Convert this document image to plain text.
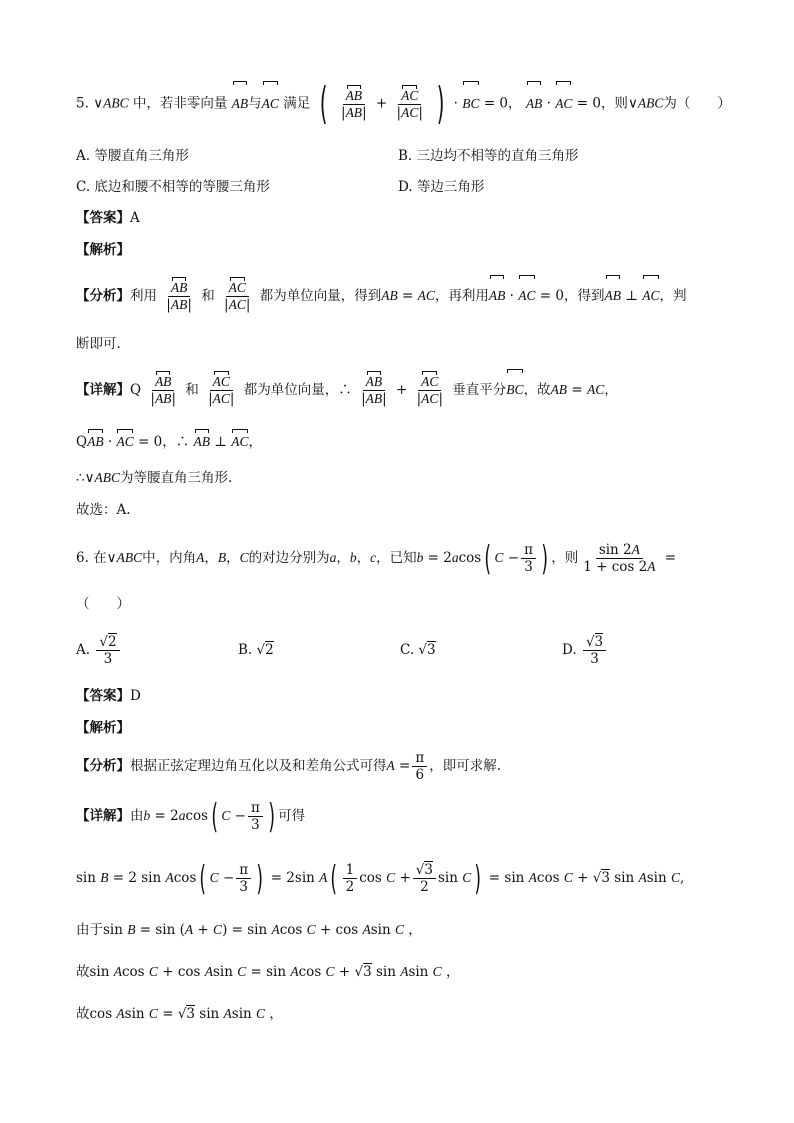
5. ∨ABC 中，若非零向量 AB与AC 满足 ( $\frac{AB}{|AB|} + \frac{AC}{|AC|}$ ) · BC = 0， AB · AC = 0，则∨ABC为（　　）
A. 等腰直角三角形	B. 三边均不相等的直角三角形
C. 底边和腰不相等的等腰三角形	D. 等边三角形
【答案】A
【解析】
【分析】利用 $\frac{AB}{|AB|}$ 和 $\frac{AC}{|AC|}$ 都为单位向量，得到AB = AC，再利用AB · AC = 0，得到AB ⊥ AC，判
断即可.
【详解】Q $\frac{AB}{|AB|}$ 和 $\frac{AC}{|AC|}$ 都为单位向量，∴ $\frac{AB}{|AB|} + \frac{AC}{|AC|}$ 垂直平分BC，故AB = AC，
QAB · AC = 0，∴ AB ⊥ AC，
∴∨ABC为等腰直角三角形.
故选：A.
6. 在∨ABC中，内角A，B，C的对边分别为a，b，c，已知b = 2acos( $C - \frac{\pi}{3}$ ) ，则 $\frac{\sin 2A}{1 + \cos 2A}$ =
（　　）
A. $\frac{√2}{3}$	B. √2	C. √3	D. $\frac{√3}{3}$
【答案】D
【解析】
【分析】根据正弦定理边角互化以及和差角公式可得$A = \frac{\pi}{6}$ ，即可求解.
【详解】由b = 2acos( $C - \frac{\pi}{3}$ ) 可得
sin B = 2 sin Acos( $C - \frac{\pi}{3}$ ) = 2sin $A( \frac{1}{2}$ $\cos C + \frac{√3}{2}$ sin C) = sin Acos C + √3 sin Asin C,
由于sin B = sin (A + C) = sin Acos C + cos Asin C ，
故sin Acos C + cos Asin C = sin Acos C + √3 sin Asin C ，
故cos Asin C = √3 sin Asin C ，
